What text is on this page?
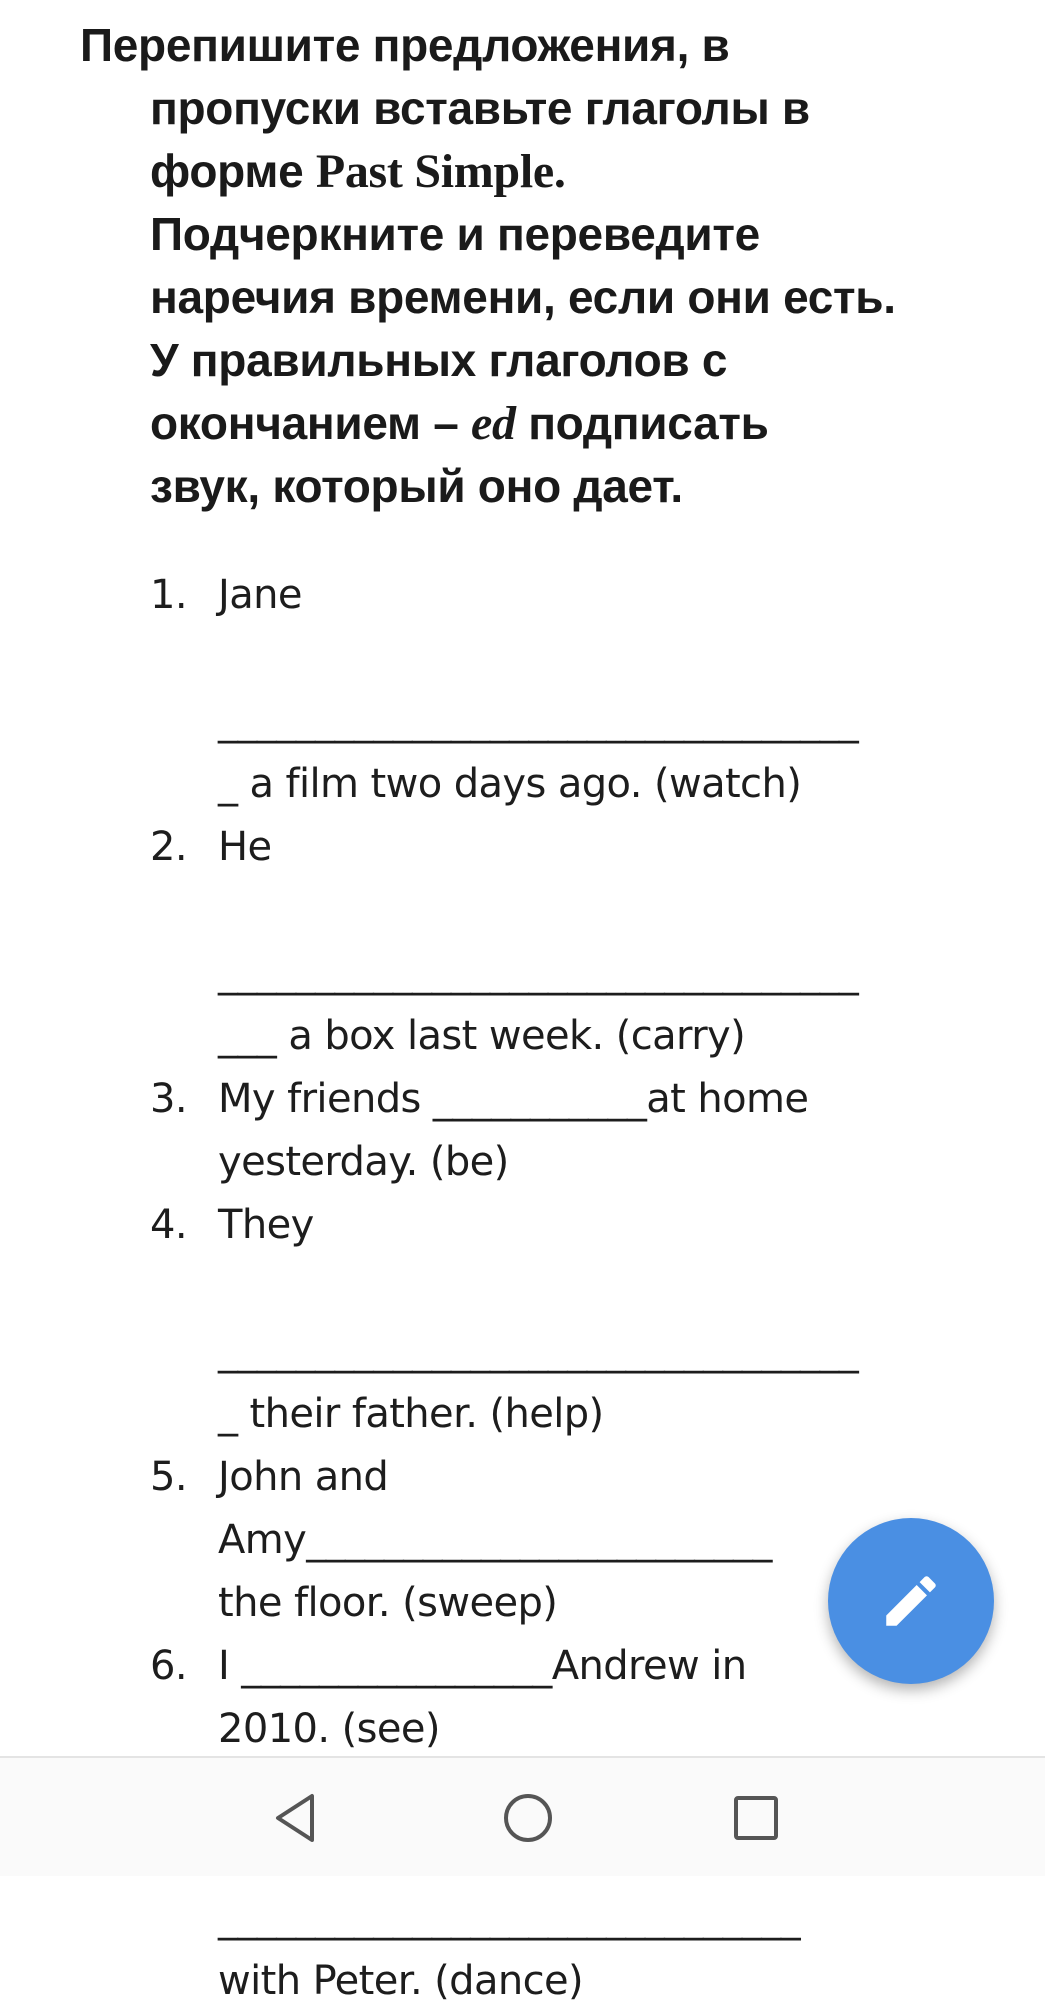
Перепишите предложения, в
пропуски вставьте глаголы в
форме Past Simple.
Подчеркните и переведите
наречия времени, если они есть.
У правильных глаголов с
окончанием – ed подписать
звук, который оно дает.
1. Jane
_________________________________
_ a film two days ago. (watch)
2. He
_________________________________
___ a box last week. (carry)
3. My friends ___________at home
yesterday. (be)
4. They
_________________________________
_ their father. (help)
5. John and
Amy________________________
the floor. (sweep)
6. I ________________Andrew in
2010. (see)
______________________________
with Peter. (dance)
